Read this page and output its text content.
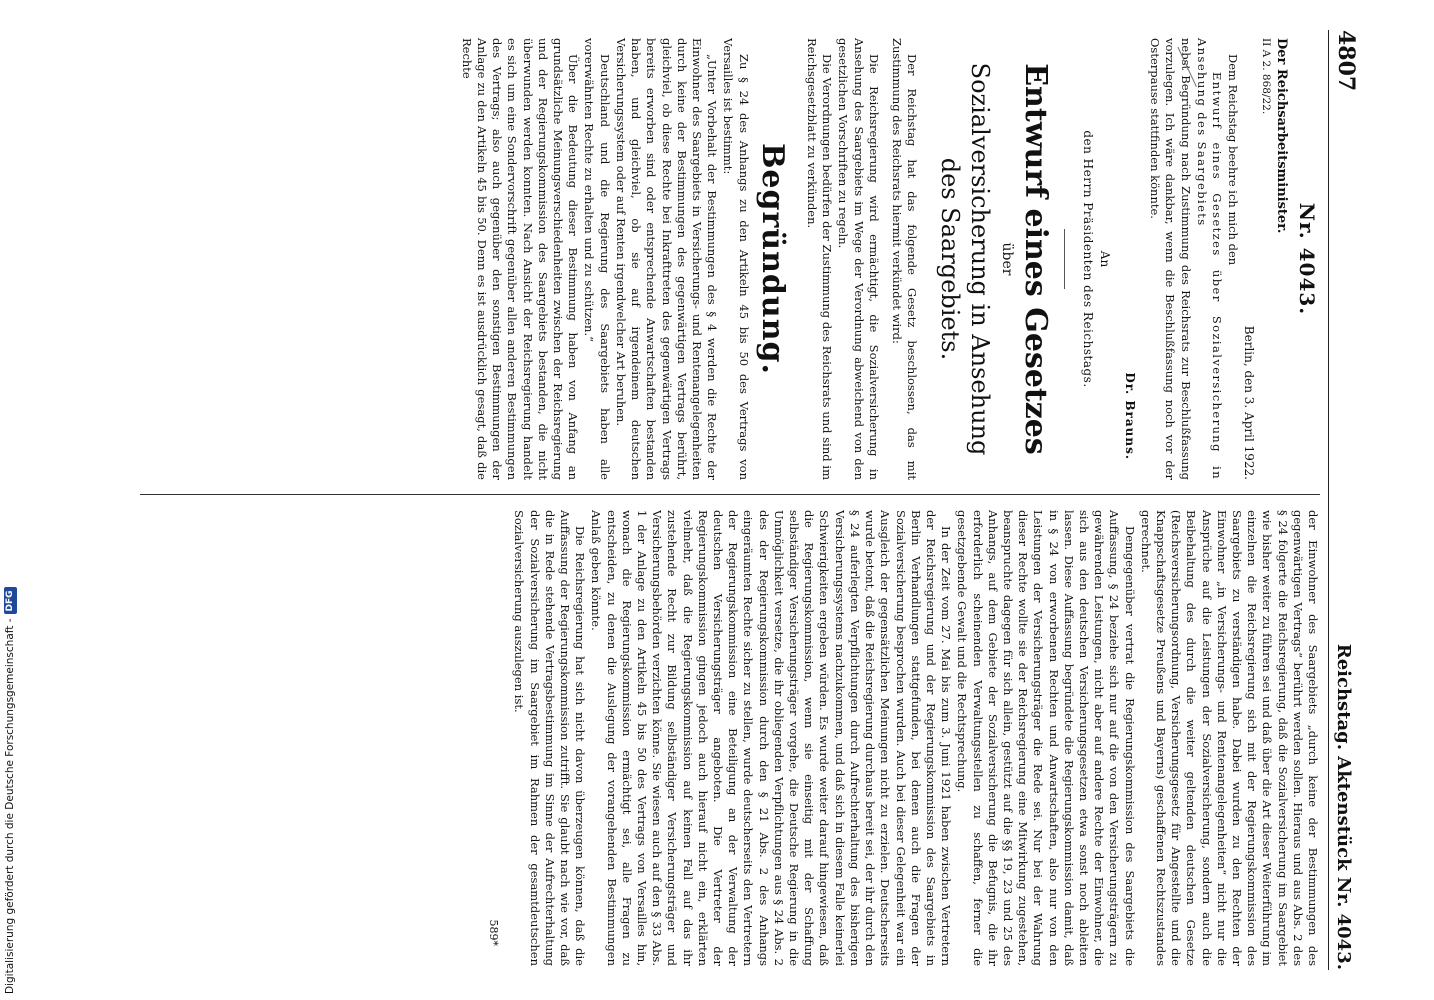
4807
Reichstag. Aktenstück Nr. 4043.
Nr. 4043.

Der Reichsarbeitsminister.

II A 2. 868/22.

Berlin, den 3. April 1922.

Dem Reichstag beehre ich mich den

Entwurf eines Gesetzes über Sozialversicherung in Ansehung des Saargebiets

nebst Begründung nach Zustimmung des Reichsrats zur Beschlußfassung vorzulegen. Ich wäre dankbar, wenn die Beschlußfassung noch vor der Osterpause stattfinden könnte.

Dr. Brauns.
An
den Herrn Präsidenten des Reichstags.
Entwurf eines Gesetzes
über
Sozialversicherung in Ansehung des Saargebiets.

Der Reichstag hat das folgende Gesetz beschlossen, das mit Zustimmung des Reichsrats hiermit verkündet wird:

Die Reichsregierung wird ermächtigt, die Sozialversicherung in Ansehung des Saargebiets im Wege der Verordnung abweichend von den gesetzlichen Vorschriften zu regeln.

Die Verordnungen bedürfen der Zustimmung des Reichsrats und sind im Reichsgesetzblatt zu verkünden.

Begründung.

Zu § 24 des Anhangs zu den Artikeln 45 bis 50 des Vertrags von Versailles ist bestimmt:

„Unter Vorbehalt der Bestimmungen des § 4 werden die Rechte der Einwohner des Saargebiets in Versicherungs- und Rentenangelegenheiten durch keine der Bestimmungen des gegenwärtigen Vertrags berührt, gleichviel, ob diese Rechte bei Inkrafttreten des gegenwärtigen Vertrags bereits erworben sind oder entsprechende Anwartschaften bestanden haben, und gleichviel, ob sie auf irgendeinem deutschen Versicherungssystem oder auf Renten irgendwelcher Art beruhen.

Deutschland und die Regierung des Saargebiets haben alle vorerwähnten Rechte zu erhalten und zu schützen.“

Über die Bedeutung dieser Bestimmung haben von Anfang an grundsätzliche Meinungsverschiedenheiten zwischen der Reichsregierung und der Regierungskommission des Saargebiets bestanden, die nicht überwunden werden konnten. Nach Ansicht der Reichsregierung handelt es sich um eine Sondervorschrift gegenüber allen anderen Bestimmungen des Vertrags; also auch gegenüber den sonstigen Bestimmungen der Anlage zu den Artikeln 45 bis 50. Denn es ist ausdrücklich gesagt, daß die Rechte

der Einwohner des Saargebiets „durch keine der Bestimmungen des gegenwärtigen Vertrags“ berührt werden sollen. Hieraus und aus Abs. 2 des § 24 folgerte die Reichsregierung, daß die Sozialversicherung im Saargebiet wie bisher weiter zu führen sei und daß über die Art dieser Weiterführung im einzelnen die Reichsregierung sich mit der Regierungskommission des Saargebiets zu verständigen habe. Dabei wurden zu den Rechten der Einwohner „in Versicherungs- und Rentenangelegenheiten“ nicht nur die Ansprüche auf die Leistungen der Sozialversicherung, sondern auch die Beibehaltung des durch die weiter geltenden deutschen Gesetze (Reichsversicherungsordnung, Versicherungsgesetz für Angestellte und die Knappschaftsgesetze Preußens und Bayerns) geschaffenen Rechtszustandes gerechnet.

Demgegenüber vertrat die Regierungskommission des Saargebiets die Auffassung, § 24 beziehe sich nur auf die von den Versicherungsträgern zu gewährenden Leistungen, nicht aber auf andere Rechte der Einwohner, die sich aus den deutschen Versicherungsgesetzen etwa sonst noch ableiten lassen. Diese Auffassung begründete die Regierungskommission damit, daß in § 24 von erworbenen Rechten und Anwartschaften, also nur von den Leistungen der Versicherungsträger die Rede sei. Nur bei der Wahrung dieser Rechte wollte sie der Reichsregierung eine Mitwirkung zugestehen, beanspruchte dagegen für sich allein, gestützt auf die §§ 19, 23 und 25 des Anhangs, auf dem Gebiete der Sozialversicherung die Befugnis, die ihr erforderlich scheinenden Verwaltungsstellen zu schaffen, ferner die gesetzgebende Gewalt und die Rechtsprechung.

In der Zeit vom 27. Mai bis zum 3. Juni 1921 haben zwischen Vertretern der Reichsregierung und der Regierungskommission des Saargebiets in Berlin Verhandlungen stattgefunden, bei denen auch die Fragen der Sozialversicherung besprochen wurden. Auch bei dieser Gelegenheit war ein Ausgleich der gegensätzlichen Meinungen nicht zu erzielen. Deutscherseits wurde betont, daß die Reichsregierung durchaus bereit sei, der ihr durch den § 24 auferlegten Verpflichtungen durch Aufrechterhaltung des bisherigen Versicherungssystems nachzukommen, und daß sich in diesem Falle keinerlei Schwierigkeiten ergeben würden. Es wurde weiter darauf hingewiesen, daß die Regierungskommission, wenn sie einseitig mit der Schaffung selbständiger Versicherungsträger vorgehe, die Deutsche Regierung in die Unmöglichkeit versetze, die ihr obliegenden Verpflichtungen aus § 24 Abs. 2 des der Regierungskommission durch den § 21 Abs. 2 des Anhangs eingeräumten Rechte sicher zu stellen, wurde deutscherseits den Vertretern der Regierungskommission eine Beteiligung an der Verwaltung der deutschen Versicherungsträger angeboten. Die Vertreter der Regierungskommission gingen jedoch auch hierauf nicht ein, erklärten vielmehr, daß die Regierungskommission auf keinen Fall auf das ihr zustehende Recht zur Bildung selbständiger Versicherungsträger und Versicherungsbehörden verzichten könne. Sie wiesen auch auf den § 33 Abs. 1 der Anlage zu den Artikeln 45 bis 50 des Vertrags von Versailles hin, wonach die Regierungskommission ermächtigt sei, alle Fragen zu entscheiden, zu denen die Auslegung der vorangehenden Bestimmungen Anlaß geben könnte.

Die Reichsregierung hat sich nicht davon überzeugen können, daß die Auffassung der Regierungskommission zutrifft. Sie glaubt nach wie vor, daß die in Rede stehende Vertragsbestimmung im Sinne der Aufrechterhaltung der Sozialversicherung im Saargebiet im Rahmen der gesamtdeutschen Sozialversicherung auszulegen ist.

589*
Digitalisierung gefördert durch die Deutsche Forschungsgemeinschaft -
DFG
